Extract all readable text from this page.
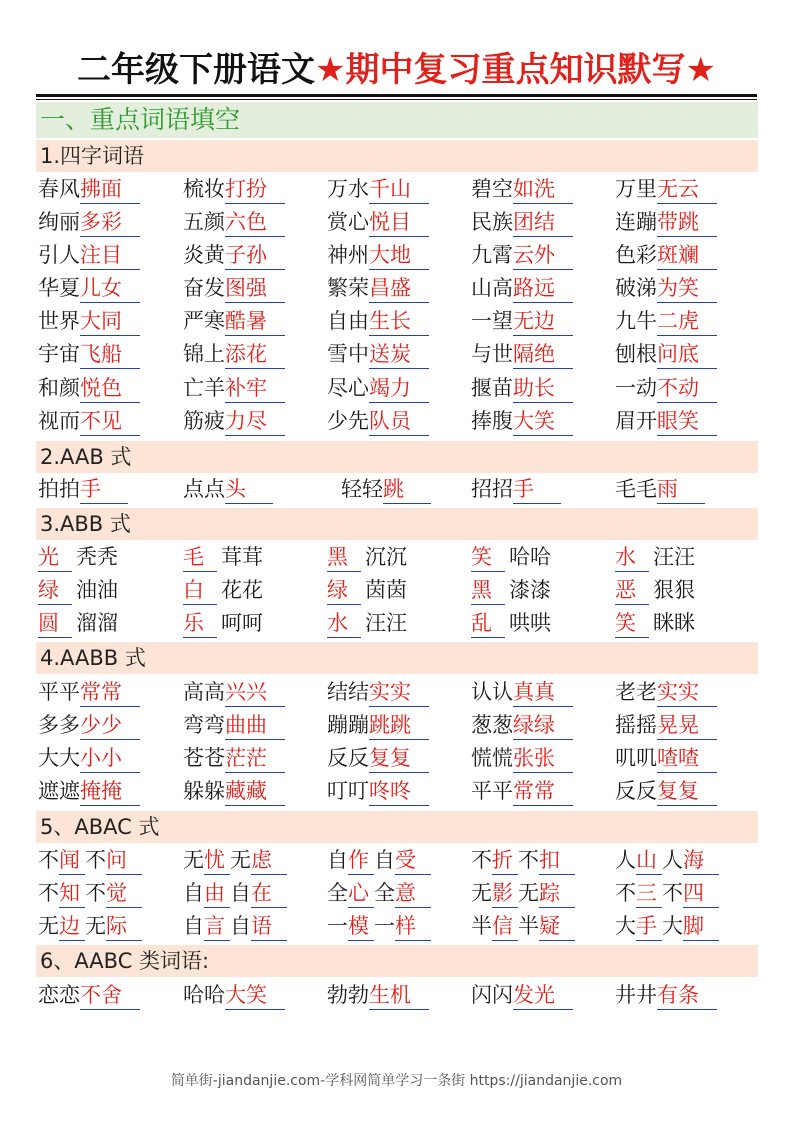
二年级下册语文★期中复习重点知识默写★
一、重点词语填空
1.四字词语
春风拂面	梳妆打扮	万水千山	碧空如洗	万里无云
绚丽多彩	五颜六色	赏心悦目	民族团结	连蹦带跳
引人注目	炎黄子孙	神州大地	九霄云外	色彩斑斓
华夏儿女	奋发图强	繁荣昌盛	山高路远	破涕为笑
世界大同	严寒酷暑	自由生长	一望无边	九牛二虎
宇宙飞船	锦上添花	雪中送炭	与世隔绝	刨根问底
和颜悦色	亡羊补牢	尽心竭力	揠苗助长	一动不动
视而不见	筋疲力尽	少先队员	捧腹大笑	眉开眼笑
2.AAB 式
拍拍手	点点头	轻轻跳	招招手	毛毛雨
3.ABB 式
光 秃秃	毛 茸茸	黑 沉沉	笑 哈哈	水 汪汪
绿 油油	白 花花	绿 茵茵	黑 漆漆	恶 狠狠
圆 溜溜	乐 呵呵	水 汪汪	乱 哄哄	笑 眯眯
4.AABB 式
平平常常	高高兴兴	结结实实	认认真真	老老实实
多多少少	弯弯曲曲	蹦蹦跳跳	葱葱绿绿	摇摇晃晃
大大小小	苍苍茫茫	反反复复	慌慌张张	叽叽喳喳
遮遮掩掩	躲躲藏藏	叮叮咚咚	平平常常	反反复复
5、ABAC 式
不闻 不问	无忧 无虑	自作 自受	不折 不扣	人山 人海
不知 不觉	自由 自在	全心 全意	无影 无踪	不三 不四
无边 无际	自言 自语	一模 一样	半信 半疑	大手 大脚
6、AABC 类词语:
恋恋不舍	哈哈大笑	勃勃生机	闪闪发光	井井有条
简单街-jiandanjie.com-学科网简单学习一条街 https://jiandanjie.com
